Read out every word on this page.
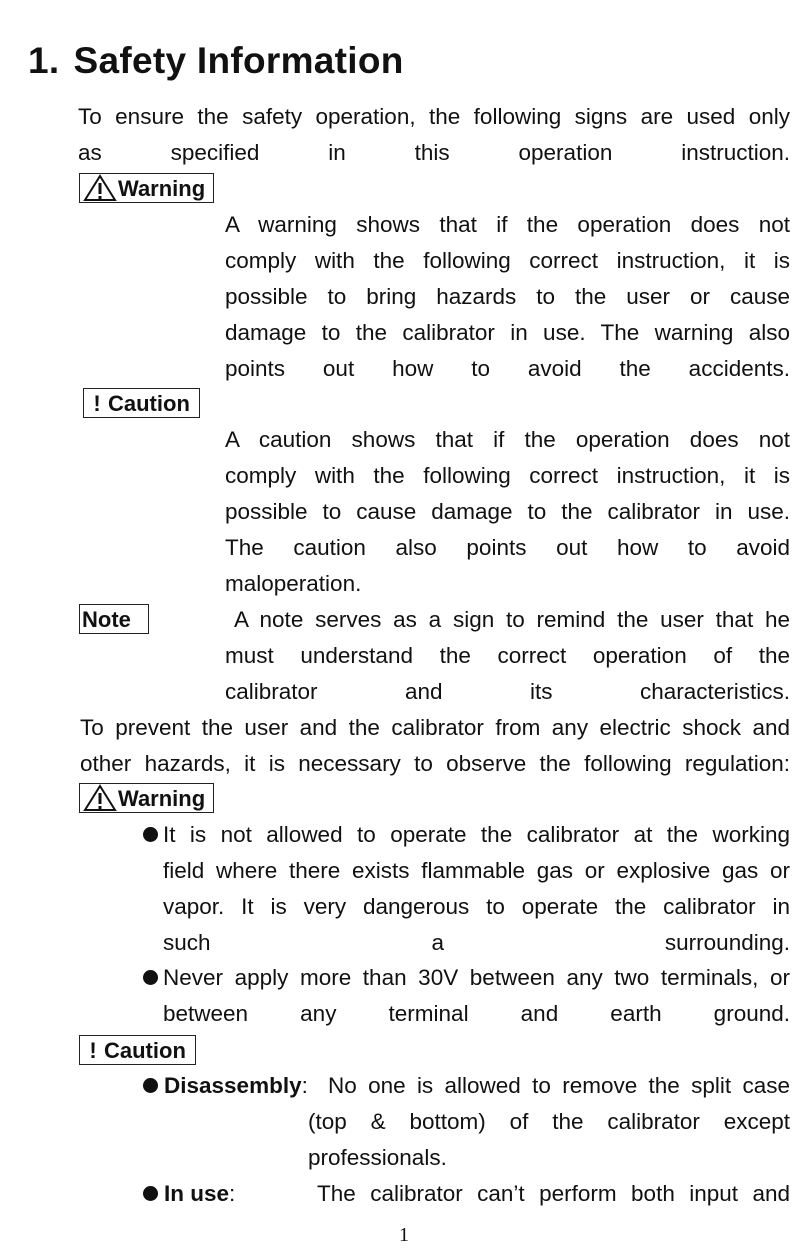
1. Safety Information
To ensure the safety operation, the following signs are used only
as specified in this operation instruction.
Warning
A warning shows that if the operation does not
comply with the following correct instruction, it is
possible to bring hazards to the user or cause
damage to the calibrator in use. The warning also
points out how to avoid the accidents.
! Caution
A caution shows that if the operation does not
comply with the following correct instruction, it is
possible to cause damage to the calibrator in use.
The caution also points out how to avoid
maloperation.
Note	A note serves as a sign to remind the user that he
must understand the correct operation of the
calibrator and its characteristics.
To prevent the user and the calibrator from any electric shock and
other hazards, it is necessary to observe the following regulation:
Warning
It is not allowed to operate the calibrator at the working
field where there exists flammable gas or explosive gas or
vapor. It is very dangerous to operate the calibrator in
such a surrounding.
Never apply more than 30V between any two terminals, or
between any terminal and earth ground.
! Caution
Disassembly: No one is allowed to remove the split case
(top & bottom) of the calibrator except
professionals.
In use:	The calibrator can’t perform both input and
1
